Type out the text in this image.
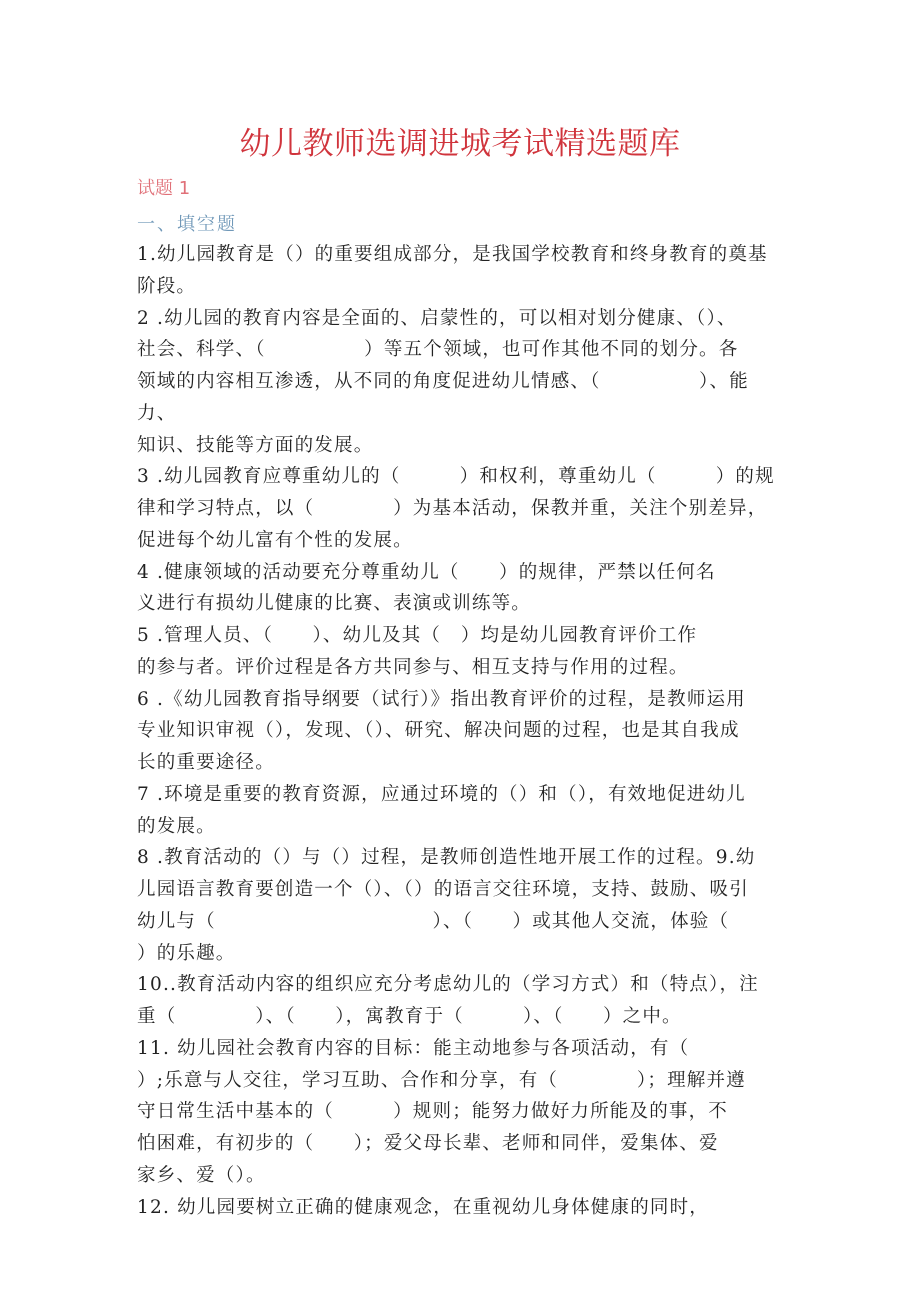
幼儿教师选调进城考试精选题库
试题 1
一、填空题
1.幼儿园教育是（）的重要组成部分，是我国学校教育和终身教育的奠基
阶段。
2 .幼儿园的教育内容是全面的、启蒙性的，可以相对划分健康、（）、
社会、科学、（　　　　　）等五个领域，也可作其他不同的划分。各
领域的内容相互渗透，从不同的角度促进幼儿情感、（　　　　　）、能
力、
知识、技能等方面的发展。
3 .幼儿园教育应尊重幼儿的（　　　）和权利，尊重幼儿（　　　）的规
律和学习特点，以（　　　　）为基本活动，保教并重，关注个别差异，
促进每个幼儿富有个性的发展。
4 .健康领域的活动要充分尊重幼儿（　　）的规律，严禁以任何名
义进行有损幼儿健康的比赛、表演或训练等。
5 .管理人员、（　　）、幼儿及其（　）均是幼儿园教育评价工作
的参与者。评价过程是各方共同参与、相互支持与作用的过程。
6 .《幼儿园教育指导纲要（试行）》指出教育评价的过程，是教师运用
专业知识审视（），发现、（）、研究、解决问题的过程，也是其自我成
长的重要途径。
7 .环境是重要的教育资源，应通过环境的（）和（），有效地促进幼儿
的发展。
8 .教育活动的（）与（）过程，是教师创造性地开展工作的过程。9.幼
儿园语言教育要创造一个（）、（）的语言交往环境，支持、鼓励、吸引
幼儿与（　　　　　　　　　　　）、（　　）或其他人交流，体验（
）的乐趣。
10..教育活动内容的组织应充分考虑幼儿的（学习方式）和（特点），注
重（　　　　）、（　　），寓教育于（　　　）、（　　）之中。
11. 幼儿园社会教育内容的目标：能主动地参与各项活动，有（
）;乐意与人交往，学习互助、合作和分享，有（　　　　）；理解并遵
守日常生活中基本的（　　　）规则；能努力做好力所能及的事，不
怕困难，有初步的（　　）；爱父母长辈、老师和同伴，爱集体、爱
家乡、爱（）。
12. 幼儿园要树立正确的健康观念，在重视幼儿身体健康的同时，
